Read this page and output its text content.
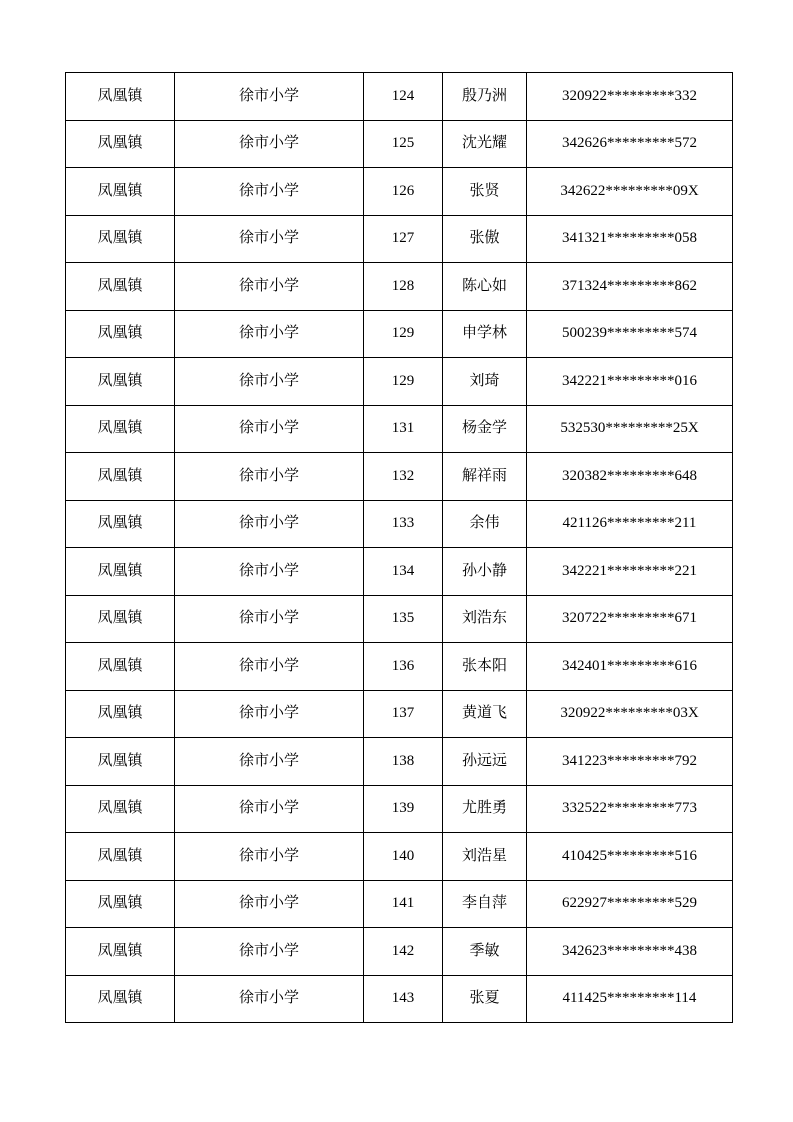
凤凰镇	徐市小学	124	殷乃洲	320922*********332
凤凰镇	徐市小学	125	沈光耀	342626*********572
凤凰镇	徐市小学	126	张贤	342622*********09X
凤凰镇	徐市小学	127	张傲	341321*********058
凤凰镇	徐市小学	128	陈心如	371324*********862
凤凰镇	徐市小学	129	申学林	500239*********574
凤凰镇	徐市小学	129	刘琦	342221*********016
凤凰镇	徐市小学	131	杨金学	532530*********25X
凤凰镇	徐市小学	132	解祥雨	320382*********648
凤凰镇	徐市小学	133	余伟	421126*********211
凤凰镇	徐市小学	134	孙小静	342221*********221
凤凰镇	徐市小学	135	刘浩东	320722*********671
凤凰镇	徐市小学	136	张本阳	342401*********616
凤凰镇	徐市小学	137	黄道飞	320922*********03X
凤凰镇	徐市小学	138	孙远远	341223*********792
凤凰镇	徐市小学	139	尤胜勇	332522*********773
凤凰镇	徐市小学	140	刘浩星	410425*********516
凤凰镇	徐市小学	141	李自萍	622927*********529
凤凰镇	徐市小学	142	季敏	342623*********438
凤凰镇	徐市小学	143	张夏	411425*********114
